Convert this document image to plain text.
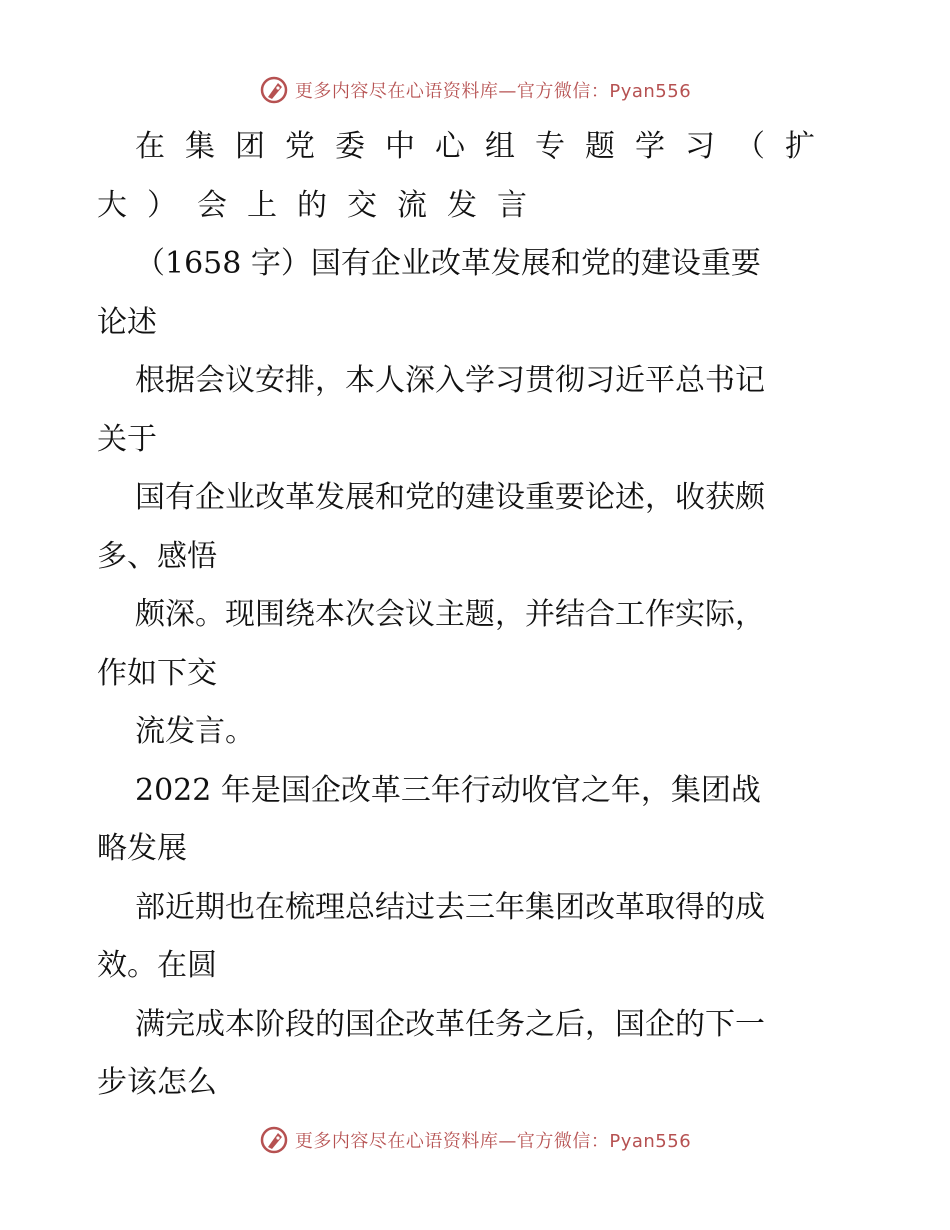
更多内容尽在心语资料库—官方微信：Pyan556
在集团党委中心组专题学习（扩
大）会上的交流发言

（1658 字）国有企业改革发展和党的建设重要

论述

根据会议安排，本人深入学习贯彻习近平总书记

关于

国有企业改革发展和党的建设重要论述，收获颇

多、感悟

颇深。现围绕本次会议主题，并结合工作实际，

作如下交

流发言。

2022 年是国企改革三年行动收官之年，集团战

略发展

部近期也在梳理总结过去三年集团改革取得的成

效。在圆

满完成本阶段的国企改革任务之后，国企的下一

步该怎么

更多内容尽在心语资料库—官方微信：Pyan556
